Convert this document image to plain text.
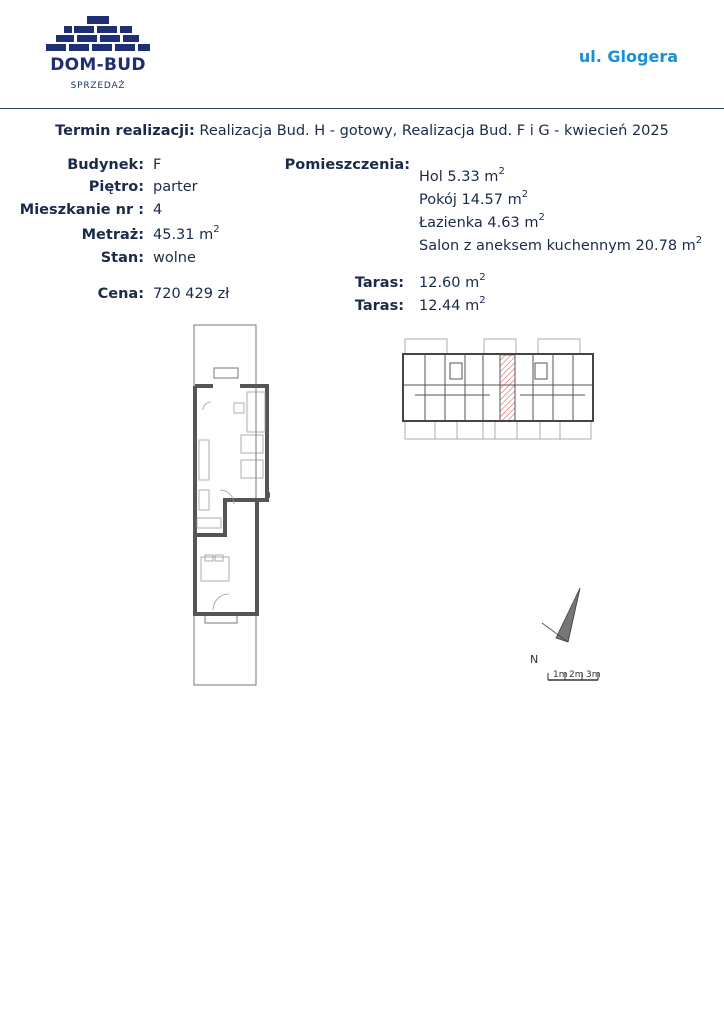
DOM-BUD
SPRZEDAŻ
ul. Glogera
Termin realizacji: Realizacja Bud. H - gotowy, Realizacja Bud. F i G - kwiecień 2025
Budynek: F
Piętro: parter
Mieszkanie nr : 4
Metraż: 45.31 $m^2$
Stan: wolne
Cena: 720 429 zł
Pomieszczenia:
Hol 5.33 $m^2$
Pokój 14.57 $m^2$
Łazienka 4.63 $m^2$
Salon z aneksem kuchennym 20.78 $m^2$
Taras: 12.60 $m^2$
Taras: 12.44 $m^2$
N
1m 2m 3m
